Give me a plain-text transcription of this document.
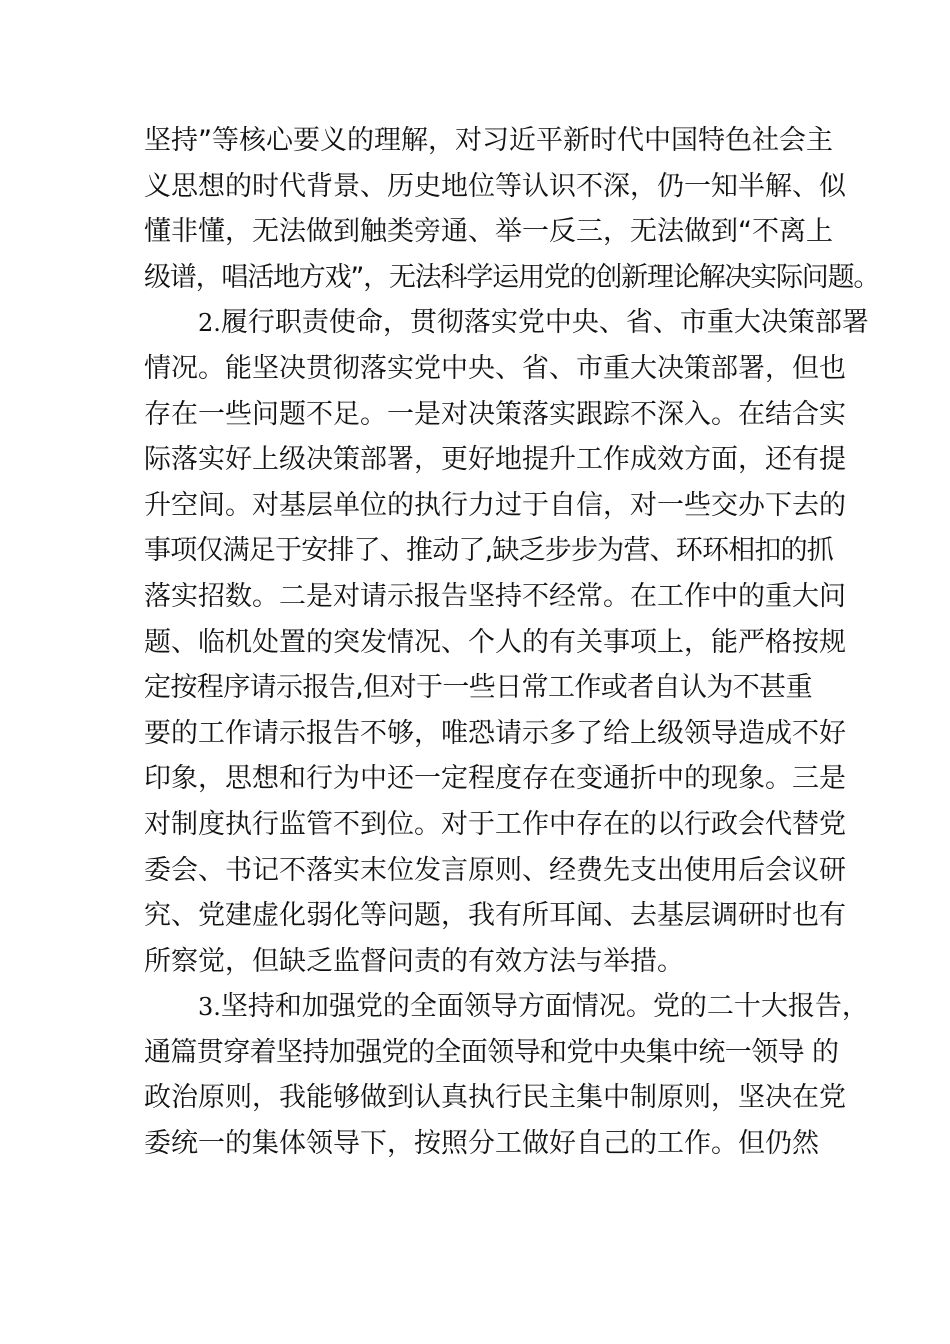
坚持”等核心要义的理解，对习近平新时代中国特色社会主
义思想的时代背景、历史地位等认识不深，仍一知半解、似
懂非懂，无法做到触类旁通、举一反三，无法做到“不离上
级谱，唱活地方戏”，无法科学运用党的创新理论解决实际问题。
2.履行职责使命，贯彻落实党中央、省、市重大决策部署
情况。能坚决贯彻落实党中央、省、市重大决策部署，但也
存在一些问题不足。一是对决策落实跟踪不深入。在结合实
际落实好上级决策部署，更好地提升工作成效方面，还有提
升空间。对基层单位的执行力过于自信，对一些交办下去的
事项仅满足于安排了、推动了,缺乏步步为营、环环相扣的抓
落实招数。二是对请示报告坚持不经常。在工作中的重大问
题、临机处置的突发情况、个人的有关事项上，能严格按规
定按程序请示报告,但对于一些日常工作或者自认为不甚重
要的工作请示报告不够，唯恐请示多了给上级领导造成不好
印象，思想和行为中还一定程度存在变通折中的现象。三是
对制度执行监管不到位。对于工作中存在的以行政会代替党
委会、书记不落实末位发言原则、经费先支出使用后会议研
究、党建虚化弱化等问题，我有所耳闻、去基层调研时也有
所察觉，但缺乏监督问责的有效方法与举措。
3.坚持和加强党的全面领导方面情况。党的二十大报告，
通篇贯穿着坚持加强党的全面领导和党中央集中统一领导 的
政治原则，我能够做到认真执行民主集中制原则，坚决在党
委统一的集体领导下，按照分工做好自己的工作。但仍然
